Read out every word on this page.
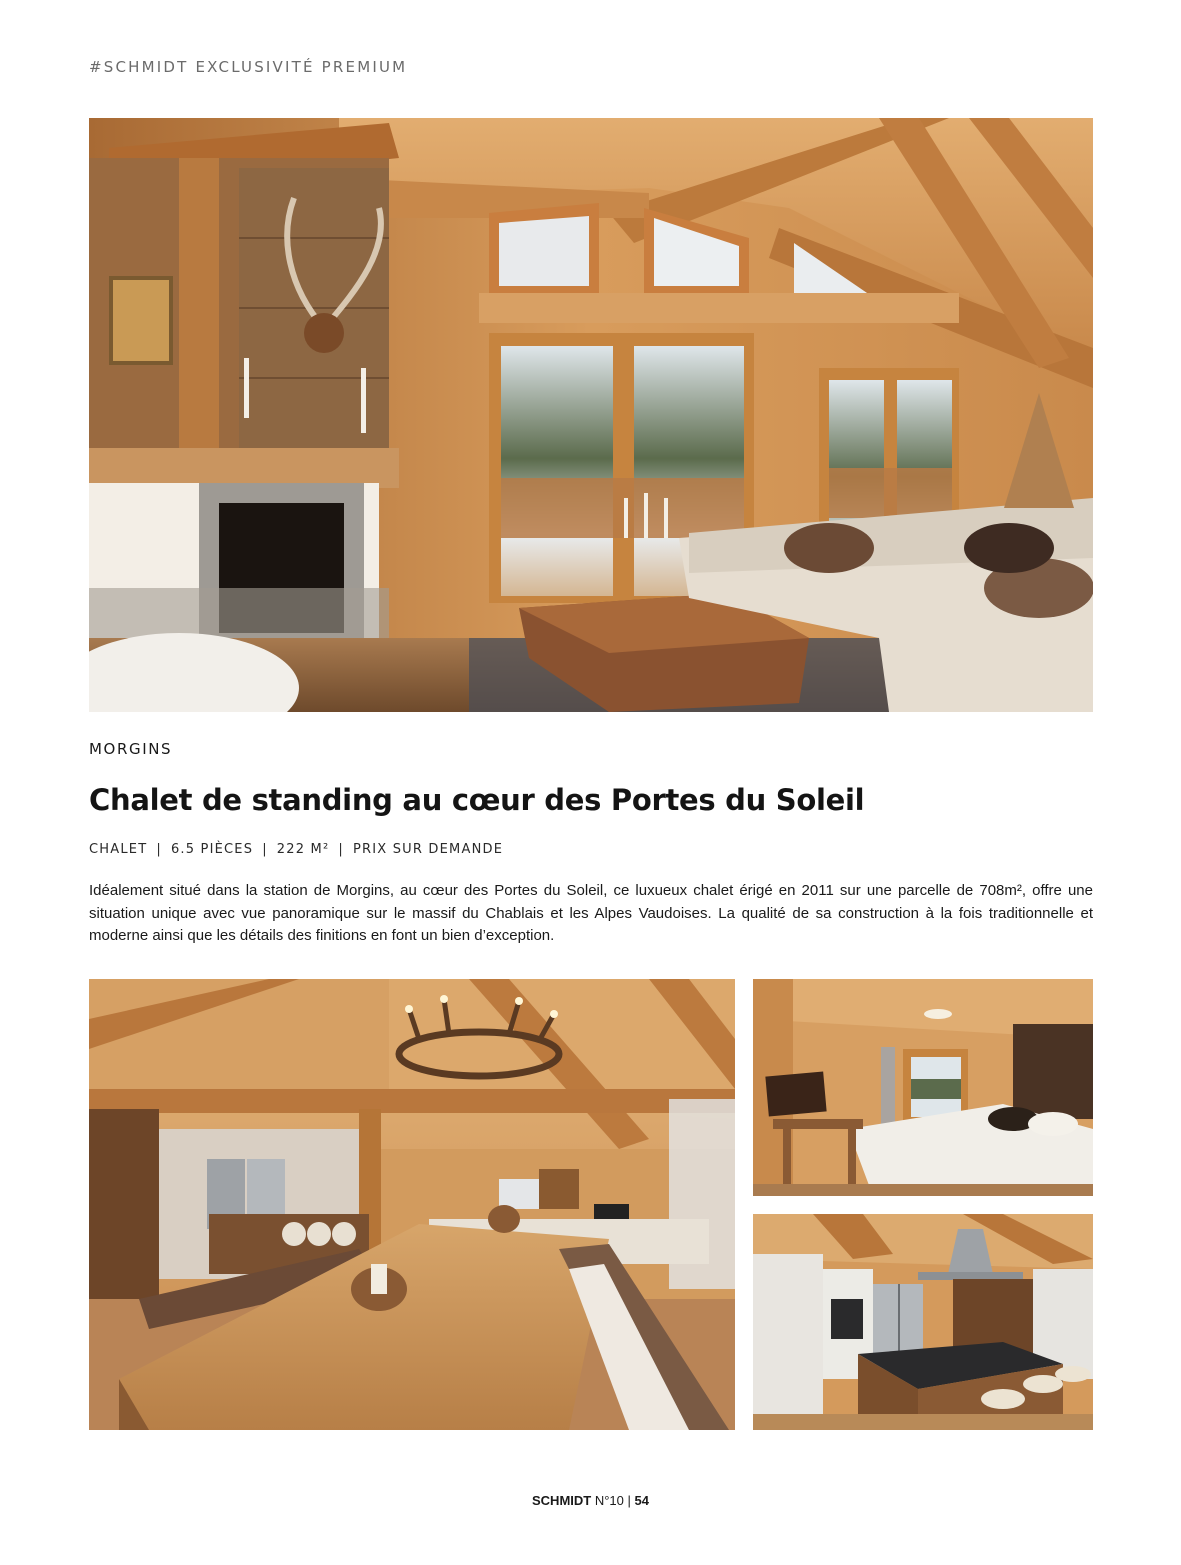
#SCHMIDT EXCLUSIVITÉ PREMIUM
MORGINS
Chalet de standing au cœur des Portes du Soleil
CHALET | 6.5 PIÈCES | 222 M² | PRIX SUR DEMANDE

Idéalement situé dans la station de Morgins, au cœur des Portes du Soleil, ce luxueux chalet érigé en 2011 sur une parcelle de 708m², offre une situation unique avec vue panoramique sur le massif du Chablais et les Alpes Vaudoises. La qualité de sa construction à la fois traditionnelle et moderne ainsi que les détails des finitions en font un bien d’exception.

SCHMIDT N°10 | 54
